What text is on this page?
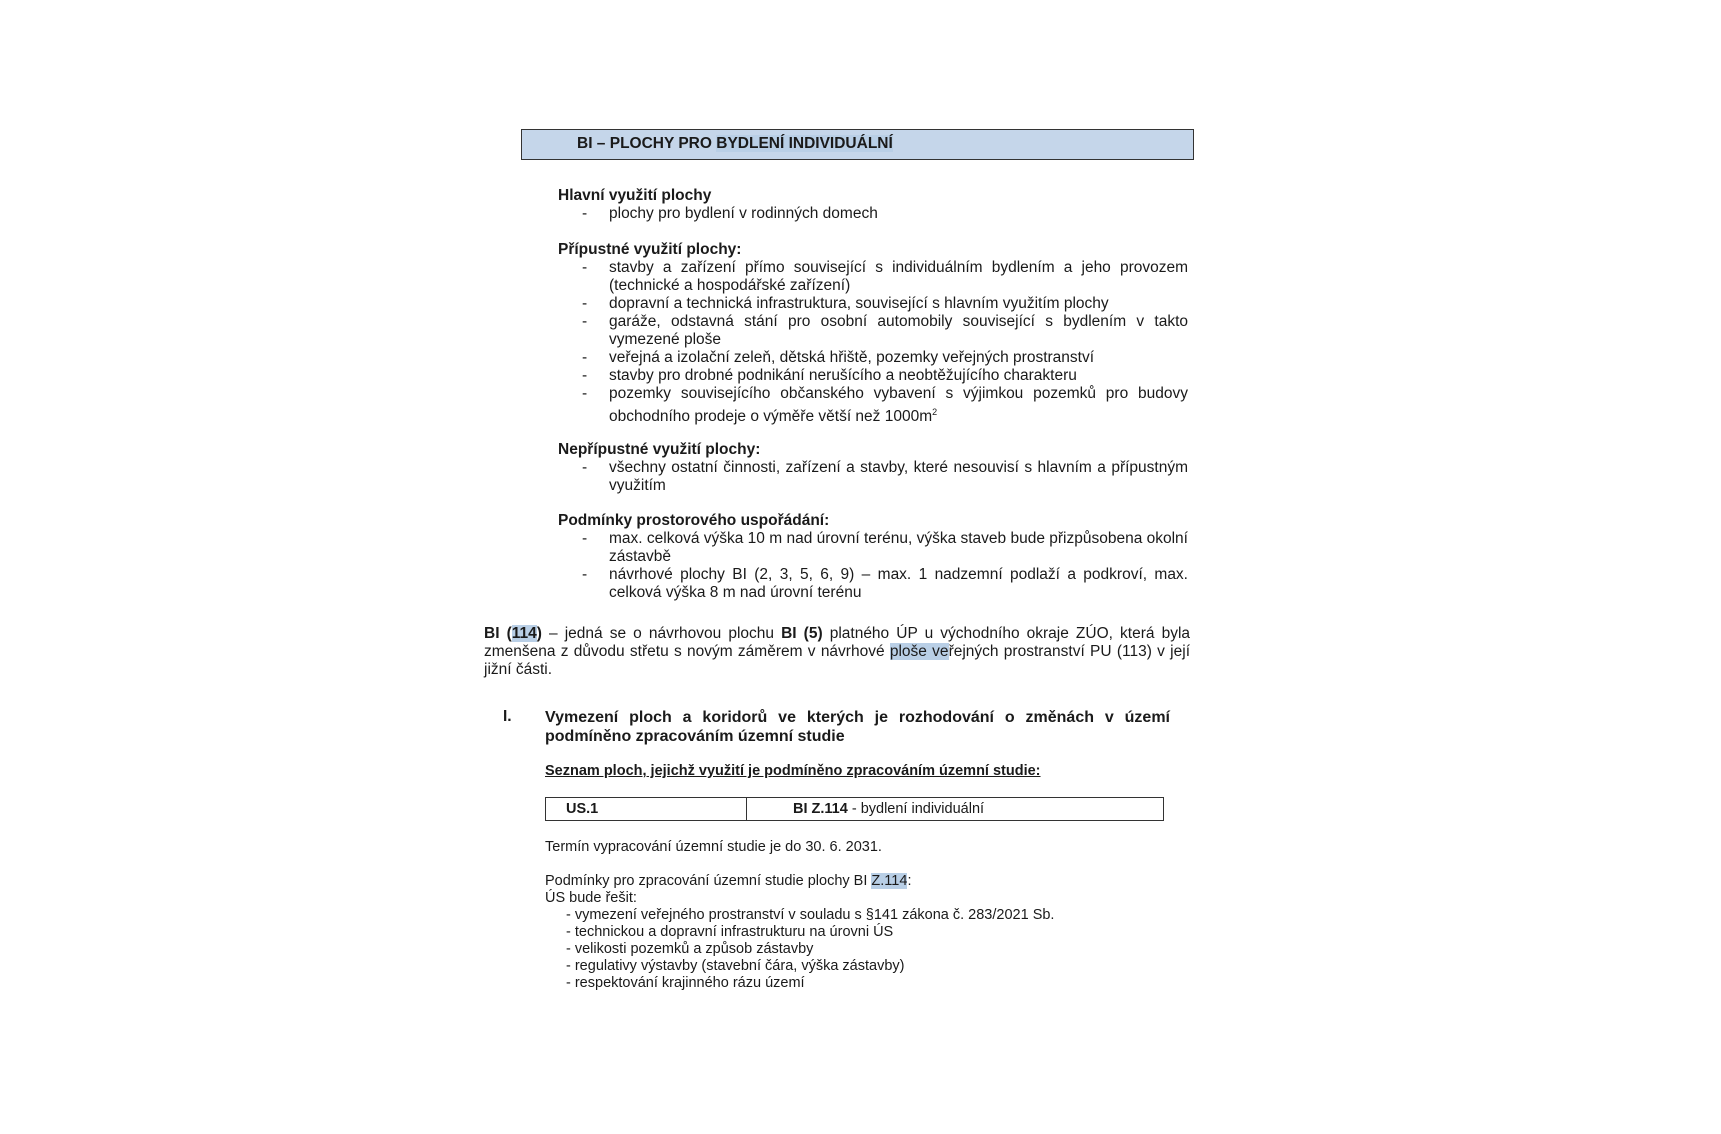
BI – PLOCHY PRO BYDLENÍ INDIVIDUÁLNÍ
Hlavní využití plochy
- plochy pro bydlení v rodinných domech
Přípustné využití plochy:
- stavby a zařízení přímo související s individuálním bydlením a jeho provozem (technické a hospodářské zařízení)
- dopravní a technická infrastruktura, související s hlavním využitím plochy
- garáže, odstavná stání pro osobní automobily související s bydlením v takto vymezené ploše
- veřejná a izolační zeleň, dětská hřiště, pozemky veřejných prostranství
- stavby pro drobné podnikání nerušícího a neobtěžujícího charakteru
- pozemky souvisejícího občanského vybavení s výjimkou pozemků pro budovy obchodního prodeje o výměře větší než $1000m^2$
Nepřípustné využití plochy:
- všechny ostatní činnosti, zařízení a stavby, které nesouvisí s hlavním a přípustným využitím
Podmínky prostorového uspořádání:
- max. celková výška 10 m nad úrovní terénu, výška staveb bude přizpůsobena okolní zástavbě
- návrhové plochy BI (2, 3, 5, 6, 9) – max. 1 nadzemní podlaží a podkroví, max. celková výška 8 m nad úrovní terénu
BI (114) – jedná se o návrhovou plochu BI (5) platného ÚP u východního okraje ZÚO, která byla zmenšena z důvodu střetu s novým záměrem v návrhové ploše veřejných prostranství PU (113) v její jižní části.
I. Vymezení ploch a koridorů ve kterých je rozhodování o změnách v území podmíněno zpracováním územní studie
Seznam ploch, jejichž využití je podmíněno zpracováním územní studie:
US.1	BI Z.114 - bydlení individuální
Termín vypracování územní studie je do 30. 6. 2031.
Podmínky pro zpracování územní studie plochy BI Z.114:
ÚS bude řešit:
- vymezení veřejného prostranství v souladu s §141 zákona č. 283/2021 Sb.
- technickou a dopravní infrastrukturu na úrovni ÚS
- velikosti pozemků a způsob zástavby
- regulativy výstavby (stavební čára, výška zástavby)
- respektování krajinného rázu území
